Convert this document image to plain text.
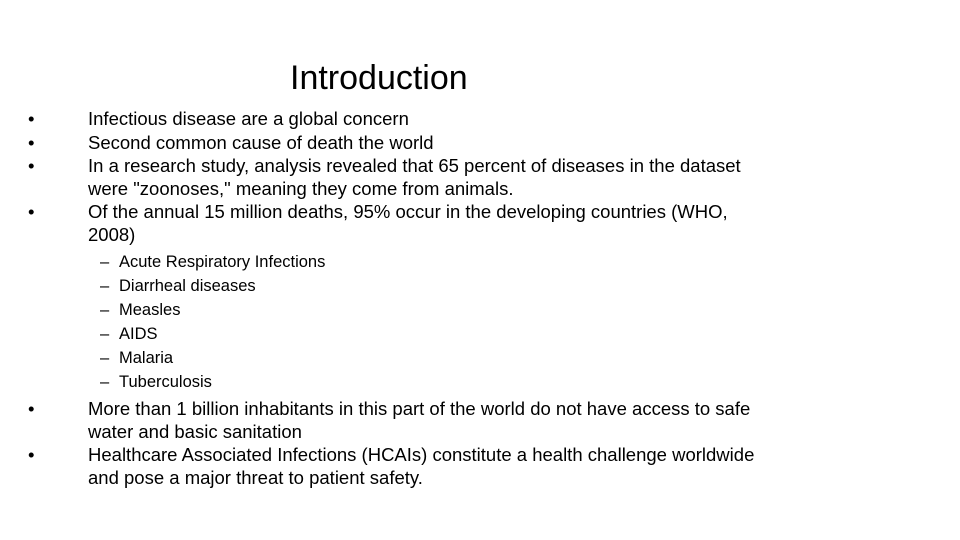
Introduction
•	Infectious disease are a global concern
•	Second common cause of death the world
•	In a research study, analysis revealed that 65 percent of diseases in the dataset were "zoonoses," meaning they come from animals.
•	Of the annual 15 million deaths, 95% occur in the developing countries (WHO, 2008)
– Acute Respiratory Infections
– Diarrheal diseases
– Measles
– AIDS
– Malaria
– Tuberculosis
•	More than 1 billion inhabitants in this part of the world do not have access to safe water and basic sanitation
•	Healthcare Associated Infections (HCAIs) constitute a health challenge worldwide and pose a major threat to patient safety.
